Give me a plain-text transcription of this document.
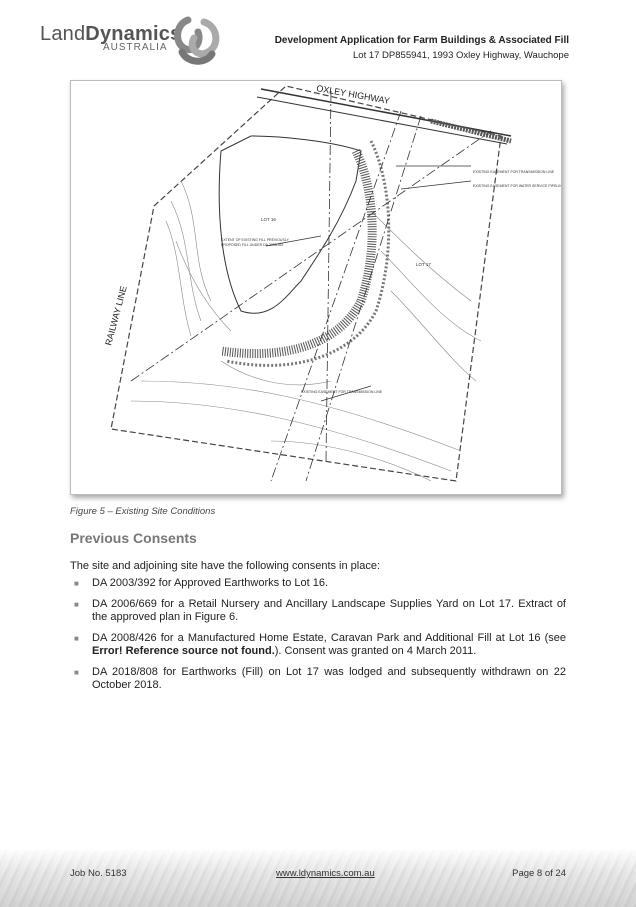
LandDynamics
AUSTRALIA
Development Application for Farm Buildings & Associated Fill
Lot 17 DP855941, 1993 Oxley Highway, Wauchope
EXISTING EASEMENT FOR TRANSMISSION LINE
EXISTING EASEMENT FOR WATER SERVICE PIPELINE
EXTENT OF EXISTING FILL PREVIOUSLY
PROPOSED FILL UNDER DA 2003/392
EXISTING EASEMENT FOR TRANSMISSION LINE
OXLEY HIGHWAY
RAILWAY LINE
LOT 16
LOT 17
Figure 5 – Existing Site Conditions
Previous Consents
The site and adjoining site have the following consents in place:
■ DA 2003/392 for Approved Earthworks to Lot 16.
■ DA 2006/669 for a Retail Nursery and Ancillary Landscape Supplies Yard on Lot 17. Extract of the approved plan in Figure 6.
■ DA 2008/426 for a Manufactured Home Estate, Caravan Park and Additional Fill at Lot 16 (see Error! Reference source not found.). Consent was granted on 4 March 2011.
■ DA 2018/808 for Earthworks (Fill) on Lot 17 was lodged and subsequently withdrawn on 22 October 2018.
Job No. 5183	www.ldynamics.com.au	Page 8 of 24
